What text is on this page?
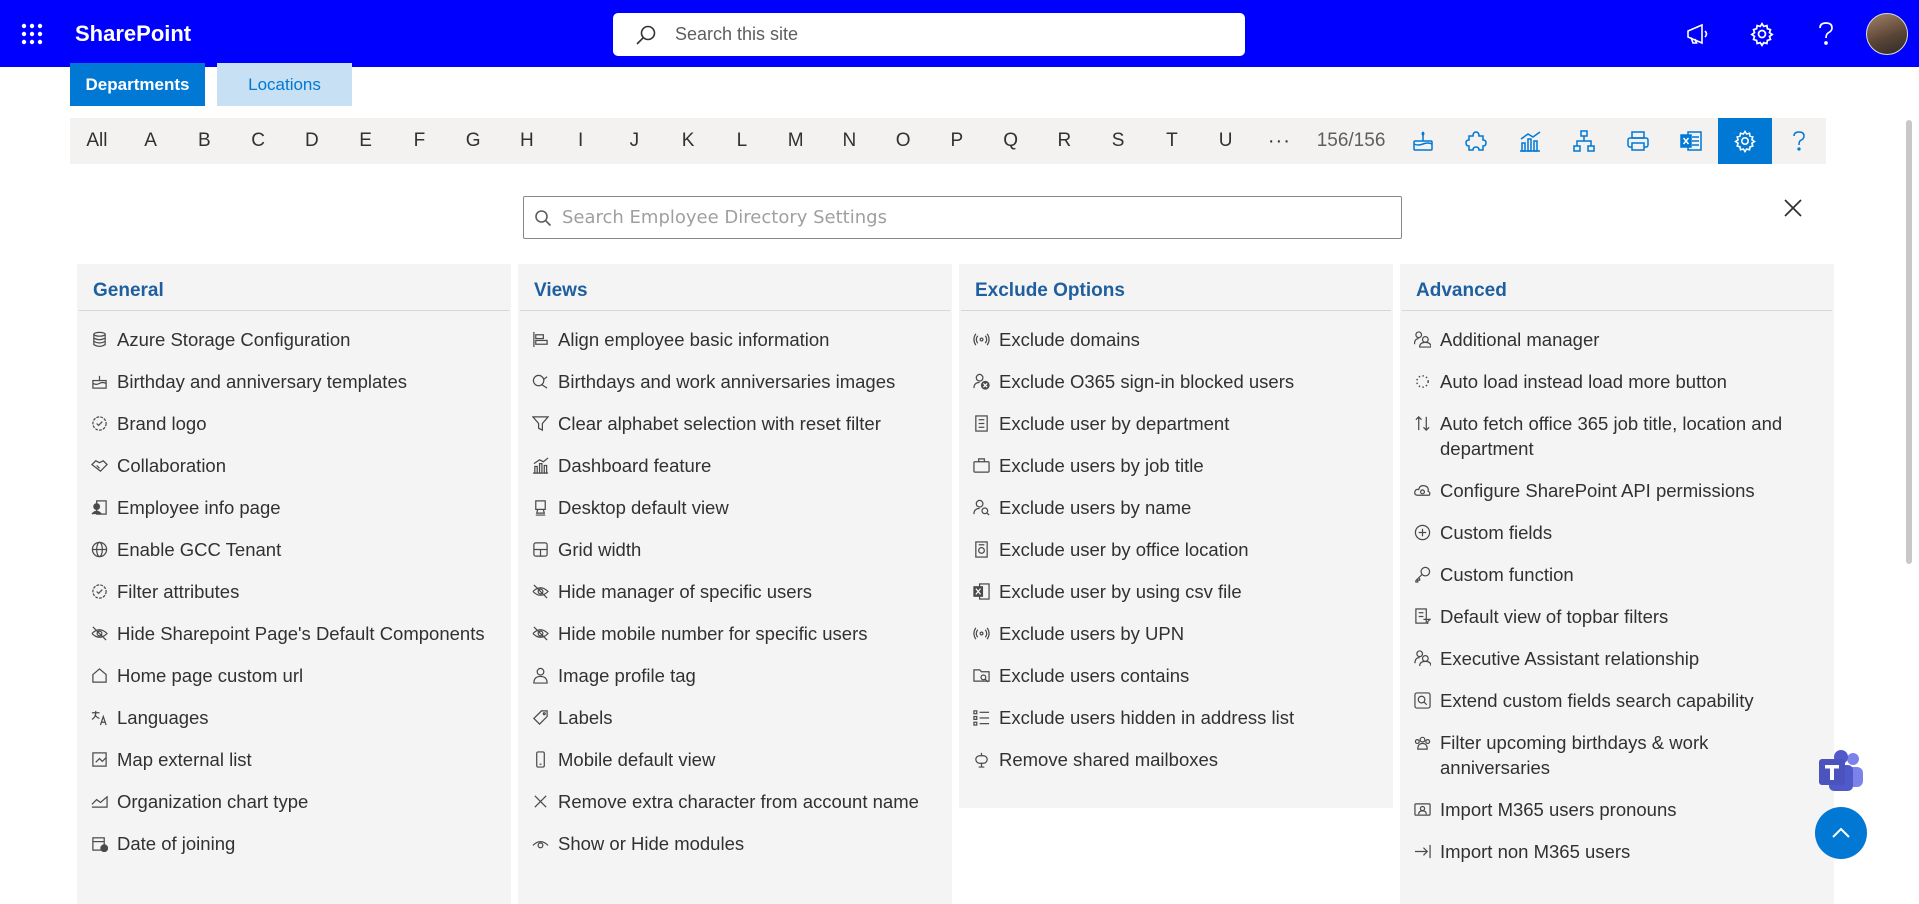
SharePoint
Search this site
Departments	Locations
All	A	B	C	D	E	F	G	H	I	J	K	L	M	N	O	P	Q	R	S	T	U	···	156/156
Search Employee Directory Settings
General
Azure Storage Configuration
Birthday and anniversary templates
Brand logo
Collaboration
Employee info page
Enable GCC Tenant
Filter attributes
Hide Sharepoint Page's Default Components
Home page custom url
Languages
Map external list
Organization chart type
Date of joining
Views
Align employee basic information
Birthdays and work anniversaries images
Clear alphabet selection with reset filter
Dashboard feature
Desktop default view
Grid width
Hide manager of specific users
Hide mobile number for specific users
Image profile tag
Labels
Mobile default view
Remove extra character from account name
Show or Hide modules
Exclude Options
Exclude domains
Exclude O365 sign-in blocked users
Exclude user by department
Exclude users by job title
Exclude users by name
Exclude user by office location
Exclude user by using csv file
Exclude users by UPN
Exclude users contains
Exclude users hidden in address list
Remove shared mailboxes
Advanced
Additional manager
Auto load instead load more button
Auto fetch office 365 job title, location and department
Configure SharePoint API permissions
Custom fields
Custom function
Default view of topbar filters
Executive Assistant relationship
Extend custom fields search capability
Filter upcoming birthdays & work anniversaries
Import M365 users pronouns
Import non M365 users
